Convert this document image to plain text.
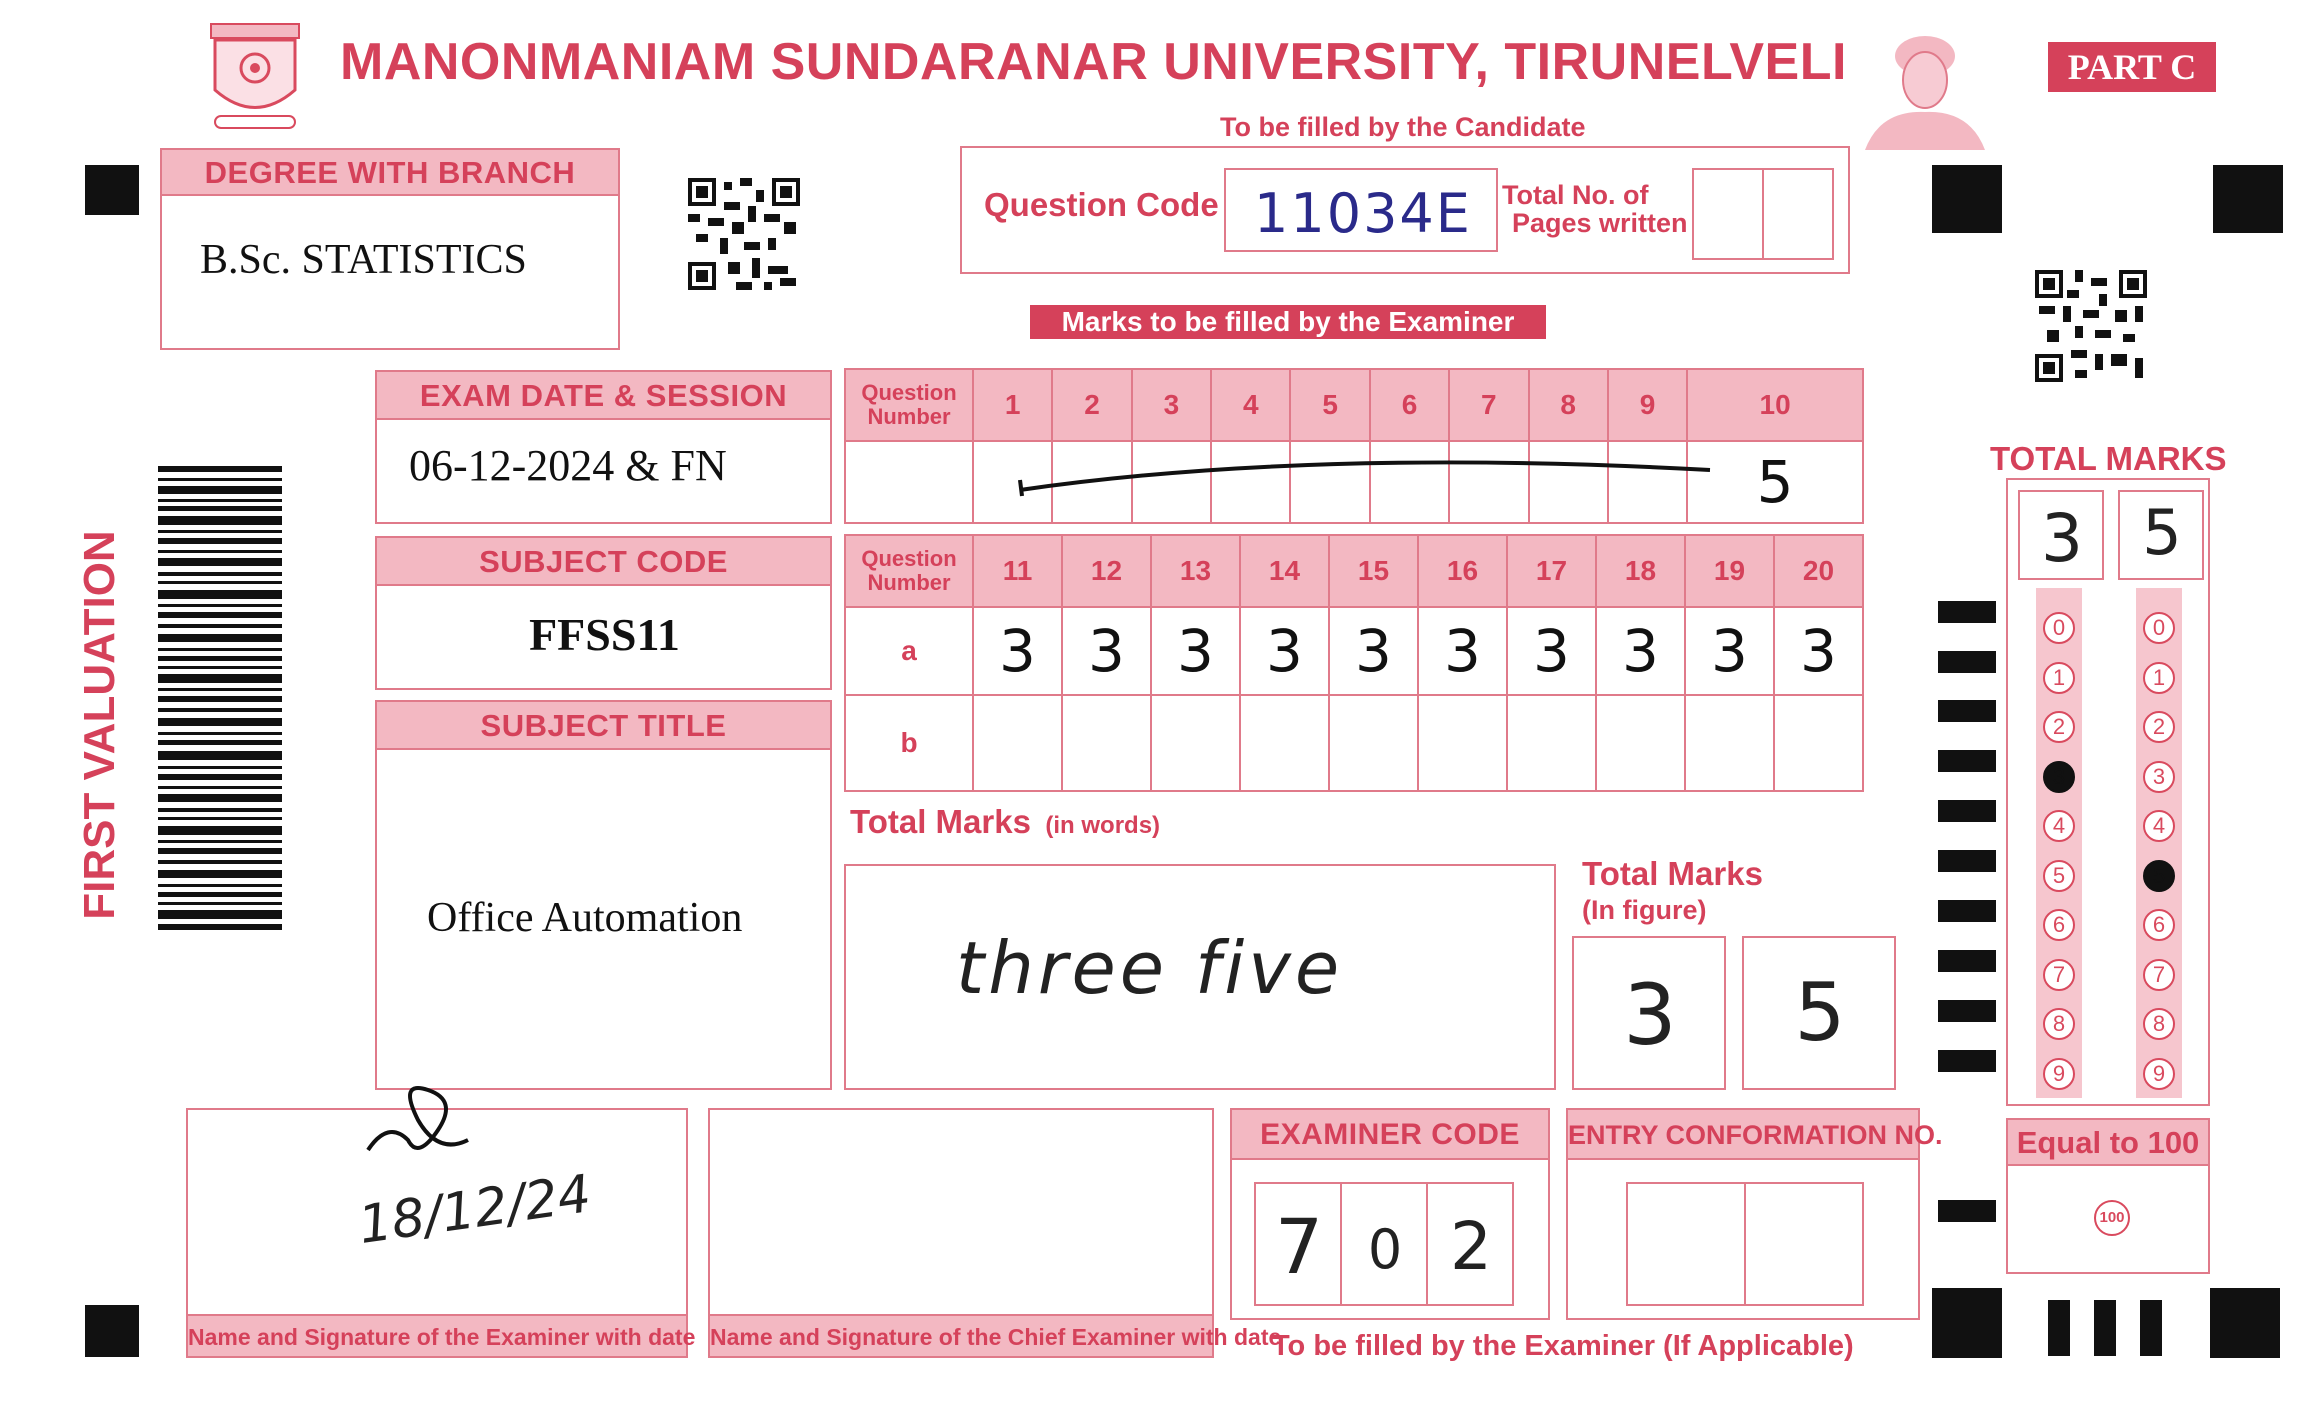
MANONMANIAM SUNDARANAR UNIVERSITY, TIRUNELVELI	PART C
DEGREE WITH BRANCH
B.Sc. STATISTICS
To be filled by the Candidate
Question Code 11034E Total No. of
Pages written
Marks to be filled by the Examiner
FIRST VALUATION
EXAM DATE & SESSION
06-12-2024 & FN
SUBJECT CODE
FFSS11
SUBJECT TITLE
Office Automation
Question
Number	1	2	3	4	5	6	7	8	9	10
										5
Question
Number	11	12	13	14	15	16	17	18	19	20
a	3	3	3	3	3	3	3	3	3	3
b										
Total Marks (in words)
three five
Total Marks
(In figure)
3	5
TOTAL MARKS
3 5
0
1
2
3
4
5
6
7
8
9
0
1
2
3
4
5
6
7
8
9
Equal to 100
100
18/12/24
Name and Signature of the Examiner with date Name and Signature of the Chief Examiner with date
EXAMINER CODE
7 0 2
ENTRY CONFORMATION NO.
To be filled by the Examiner (If Applicable)
